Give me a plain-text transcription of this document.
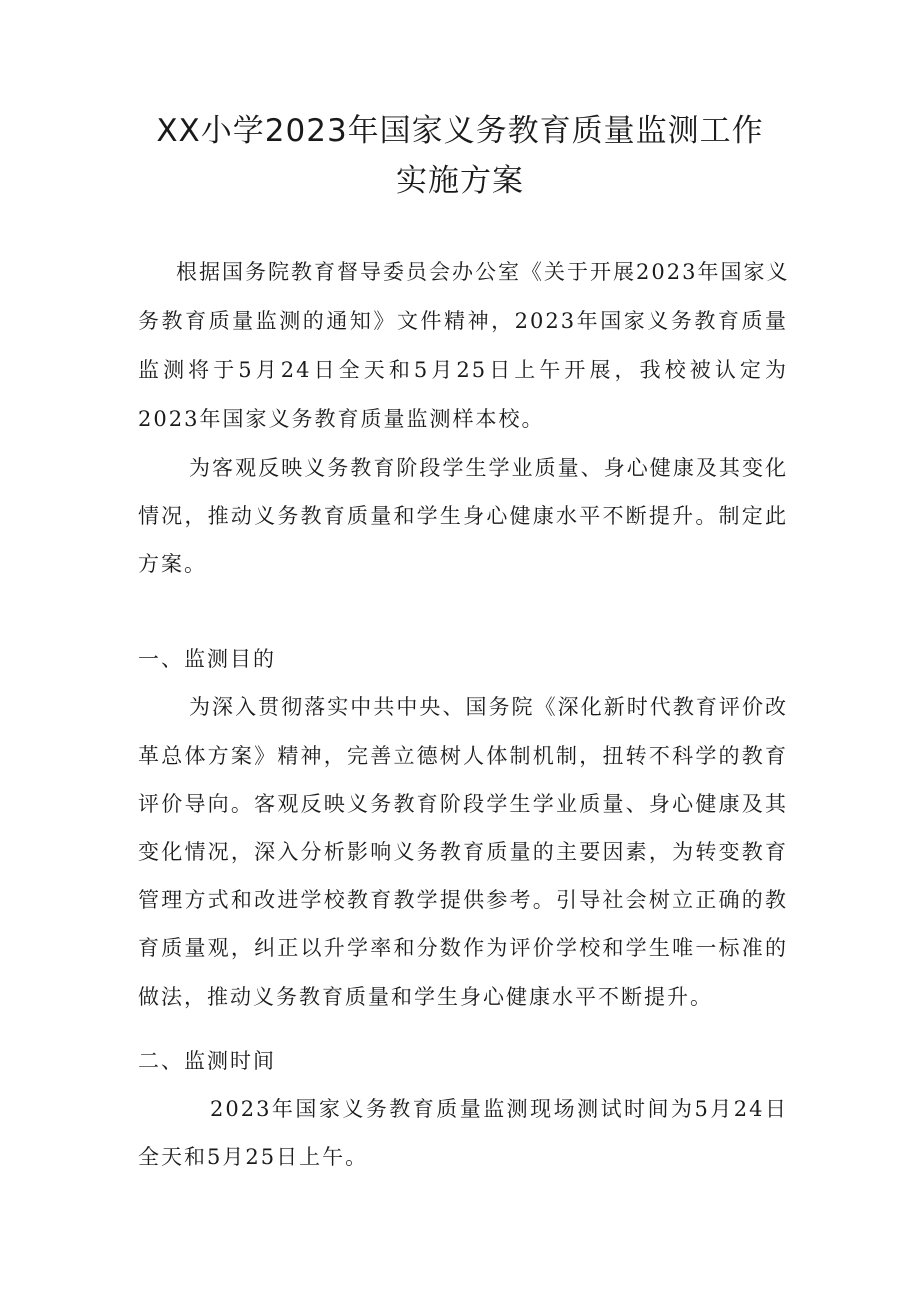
XX小学2023年国家义务教育质量监测工作
实施方案
根据国务院教育督导委员会办公室《关于开展2023年国家义
务教育质量监测的通知》文件精神，2023年国家义务教育质量
监测将于5月24日全天和5月25日上午开展，我校被认定为
2023年国家义务教育质量监测样本校。
为客观反映义务教育阶段学生学业质量、身心健康及其变化
情况，推动义务教育质量和学生身心健康水平不断提升。制定此
方案。
一、监测目的
为深入贯彻落实中共中央、国务院《深化新时代教育评价改
革总体方案》精神，完善立德树人体制机制，扭转不科学的教育
评价导向。客观反映义务教育阶段学生学业质量、身心健康及其
变化情况，深入分析影响义务教育质量的主要因素，为转变教育
管理方式和改进学校教育教学提供参考。引导社会树立正确的教
育质量观，纠正以升学率和分数作为评价学校和学生唯一标准的
做法，推动义务教育质量和学生身心健康水平不断提升。
二、监测时间
2023年国家义务教育质量监测现场测试时间为5月24日
全天和5月25日上午。
